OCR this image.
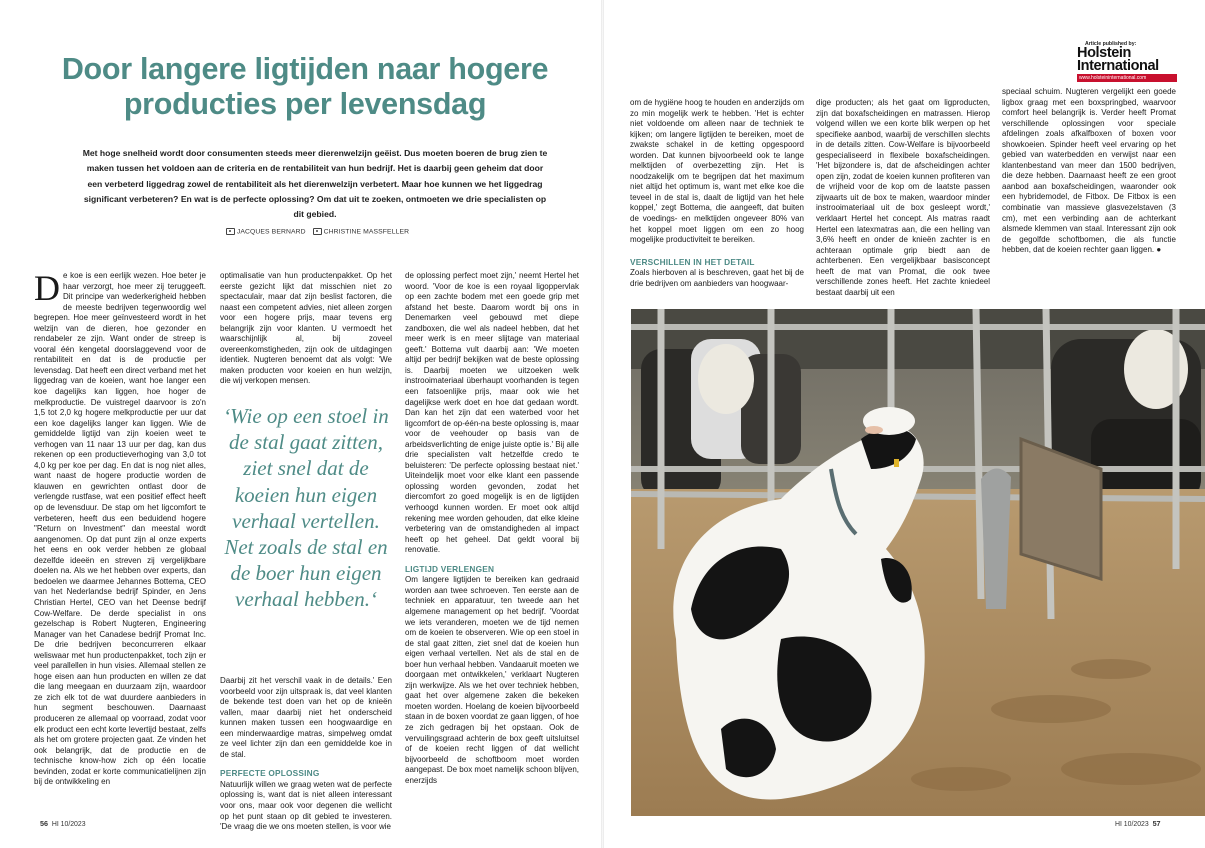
Door langere ligtijden naar hogere producties per levensdag
Met hoge snelheid wordt door consumenten steeds meer dierenwelzijn geëist. Dus moeten boeren de brug zien te maken tussen het voldoen aan de criteria en de rentabiliteit van hun bedrijf. Het is daarbij geen geheim dat door een verbeterd liggedrag zowel de rentabiliteit als het dierenwelzijn verbetert. Maar hoe kunnen we het liggedrag significant verbeteren? En wat is de perfecte oplossing? Om dat uit te zoeken, ontmoeten we drie specialisten op dit gebied.
JACQUES BERNARD	CHRISTINE MASSFELLER

De koe is een eerlijk wezen. Hoe beter je haar verzorgt, hoe meer zij teruggeeft. Dit principe van wederkerigheid hebben de meeste bedrijven tegenwoordig wel begrepen. Hoe meer geïnvesteerd wordt in het welzijn van de dieren, hoe gezonder en rendabeler ze zijn. Want onder de streep is vooral één kengetal doorslaggevend voor de rentabiliteit en dat is de productie per levensdag. Dat heeft een direct verband met het liggedrag van de koeien, want hoe langer een koe dagelijks kan liggen, hoe hoger de melkproductie. De vuistregel daarvoor is zo'n 1,5 tot 2,0 kg hogere melkproductie per uur dat een koe dagelijks langer kan liggen. Wie de gemiddelde ligtijd van zijn koeien weet te verhogen van 11 naar 13 uur per dag, kan dus rekenen op een productieverhoging van 3,0 tot 4,0 kg per koe per dag. En dat is nog niet alles, want naast de hogere productie worden de klauwen en gewrichten ontlast door de verlengde rustfase, wat een positief effect heeft op de levensduur. De stap om het ligcomfort te verbeteren, heeft dus een beduidend hogere "Return on Investment" dan meestal wordt aangenomen. Op dat punt zijn al onze experts het eens en ook verder hebben ze globaal dezelfde ideeën en streven zij vergelijkbare doelen na. Als we het hebben over experts, dan bedoelen we daarmee Jehannes Bottema, CEO van het Nederlandse bedrijf Spinder, en Jens Christian Hertel, CEO van het Deense bedrijf Cow-Welfare. De derde specialist in ons gezelschap is Robert Nugteren, Engineering Manager van het Canadese bedrijf Promat Inc. De drie bedrijven beconcurreren elkaar weliswaar met hun productenpakket, toch zijn er veel parallellen in hun visies. Allemaal stellen ze hoge eisen aan hun producten en willen ze dat die lang meegaan en duurzaam zijn, waardoor ze zich elk tot de wat duurdere aanbieders in hun segment beschouwen. Daarnaast produceren ze allemaal op voorraad, zodat voor elk product een echt korte levertijd bestaat, zelfs als het om grotere projecten gaat. Ze vinden het ook belangrijk, dat de productie en de technische know-how zich op één locatie bevinden, zodat er korte communicatielijnen zijn bij de ontwikkeling en

optimalisatie van hun productenpakket. Op het eerste gezicht lijkt dat misschien niet zo spectaculair, maar dat zijn beslist factoren, die naast een competent advies, niet alleen zorgen voor een hogere prijs, maar tevens erg belangrijk zijn voor klanten. U vermoedt het waarschijnlijk al, bij zoveel overeenkomstigheden, zijn ook de uitdagingen identiek. Nugteren benoemt dat als volgt: 'We maken producten voor koeien en hun welzijn, die wij verkopen mensen.

‘Wie op een stoel in de stal gaat zitten, ziet snel dat de koeien hun eigen verhaal vertellen. Net zoals de stal en de boer hun eigen verhaal hebben.‘

Daarbij zit het verschil vaak in de details.' Een voorbeeld voor zijn uitspraak is, dat veel klanten de bekende test doen van het op de knieën vallen, maar daarbij niet het onderscheid kunnen maken tussen een hoogwaardige en een minderwaardige matras, simpelweg omdat ze veel lichter zijn dan een gemiddelde koe in de stal.

PERFECTE OPLOSSING

Natuurlijk willen we graag weten wat de perfecte oplossing is, want dat is niet alleen interessant voor ons, maar ook voor degenen die wellicht op het punt staan op dit gebied te investeren. 'De vraag die we ons moeten stellen, is voor wie

de oplossing perfect moet zijn,' neemt Hertel het woord. 'Voor de koe is een royaal ligoppervlak op een zachte bodem met een goede grip met afstand het beste. Daarom wordt bij ons in Denemarken veel gebouwd met diepe zandboxen, die wel als nadeel hebben, dat het meer werk is en meer slijtage van materiaal geeft.' Bottema vult daarbij aan: 'We moeten altijd per bedrijf bekijken wat de beste oplossing is. Daarbij moeten we uitzoeken welk instrooimateriaal überhaupt voorhanden is tegen een fatsoenlijke prijs, maar ook wie het dagelijkse werk doet en hoe dat gedaan wordt. Dan kan het zijn dat een waterbed voor het ligcomfort de op-één-na beste oplossing is, maar voor de veehouder op basis van de arbeidsverlichting de enige juiste optie is.' Bij alle drie specialisten valt hetzelfde credo te beluisteren: 'De perfecte oplossing bestaat niet.' Uiteindelijk moet voor elke klant een passende oplossing worden gevonden, zodat het diercomfort zo goed mogelijk is en de ligtijden verhoogd kunnen worden. Er moet ook altijd rekening mee worden gehouden, dat elke kleine verbetering van de omstandigheden al impact heeft op het geheel. Dat geldt vooral bij renovatie.

LIGTIJD VERLENGEN

Om langere ligtijden te bereiken kan gedraaid worden aan twee schroeven. Ten eerste aan de techniek en apparatuur, ten tweede aan het algemene management op het bedrijf. 'Voordat we iets veranderen, moeten we de tijd nemen om de koeien te observeren. Wie op een stoel in de stal gaat zitten, ziet snel dat de koeien hun eigen verhaal vertellen. Net als de stal en de boer hun verhaal hebben. Vandaaruit moeten we doorgaan met ontwikkelen,' verklaart Nugteren zijn werkwijze. Als we het over techniek hebben, gaat het over algemene zaken die bekeken moeten worden. Hoelang de koeien bijvoorbeeld staan in de boxen voordat ze gaan liggen, of hoe ze zich gedragen bij het opstaan. Ook de vervuilingsgraad achterin de box geeft uitsluitsel of de koeien recht liggen of dat wellicht bijvoorbeeld de schoftboom moet worden aangepast. De box moet namelijk schoon blijven, enerzijds

56 HI 10/2023
Article published by:
Holstein
International
www.holsteininternational.com

om de hygiëne hoog te houden en anderzijds om zo min mogelijk werk te hebben. 'Het is echter niet voldoende om alleen naar de techniek te kijken; om langere ligtijden te bereiken, moet de zwakste schakel in de ketting opgespoord worden. Dat kunnen bijvoorbeeld ook te lange melktijden of overbezetting zijn. Het is noodzakelijk om te begrijpen dat het maximum niet altijd het optimum is, want met elke koe die teveel in de stal is, daalt de ligtijd van het hele koppel,' zegt Bottema, die aangeeft, dat buiten de voedings- en melktijden ongeveer 80% van het koppel moet liggen om een zo hoog mogelijke productiviteit te bereiken.

VERSCHILLEN IN HET DETAIL

Zoals hierboven al is beschreven, gaat het bij de drie bedrijven om aanbieders van hoogwaar-

dige producten; als het gaat om ligproducten, zijn dat boxafscheidingen en matrassen. Hierop volgend willen we een korte blik werpen op het specifieke aanbod, waarbij de verschillen slechts in de details zitten. Cow-Welfare is bijvoorbeeld gespecialiseerd in flexibele boxafscheidingen. 'Het bijzondere is, dat de afscheidingen achter open zijn, zodat de koeien kunnen profiteren van de vrijheid voor de kop om de laatste passen zijwaarts uit de box te maken, waardoor minder instrooimateriaal uit de box gesleept wordt,' verklaart Hertel het concept. Als matras raadt Hertel een latexmatras aan, die een helling van 3,6% heeft en onder de knieën zachter is en achteraan optimale grip biedt aan de achterbenen. Een vergelijkbaar basisconcept heeft de mat van Promat, die ook twee verschillende zones heeft. Het zachte kniedeel bestaat daarbij uit een

speciaal schuim. Nugteren vergelijkt een goede ligbox graag met een boxspringbed, waarvoor comfort heel belangrijk is. Verder heeft Promat verschillende oplossingen voor speciale afdelingen zoals afkalfboxen of boxen voor showkoeien. Spinder heeft veel ervaring op het gebied van waterbedden en verwijst naar een klantenbestand van meer dan 1500 bedrijven, die deze hebben. Daarnaast heeft ze een groot aanbod aan boxafscheidingen, waaronder ook een hybridemodel, de Fitbox. De Fitbox is een combinatie van massieve glasvezelstaven (3 cm), met een verbinding aan de achterkant alsmede klemmen van staal. Interessant zijn ook de gegolfde schoftbomen, die als functie hebben, dat de koeien rechter gaan liggen. ●

HI 10/2023 57
